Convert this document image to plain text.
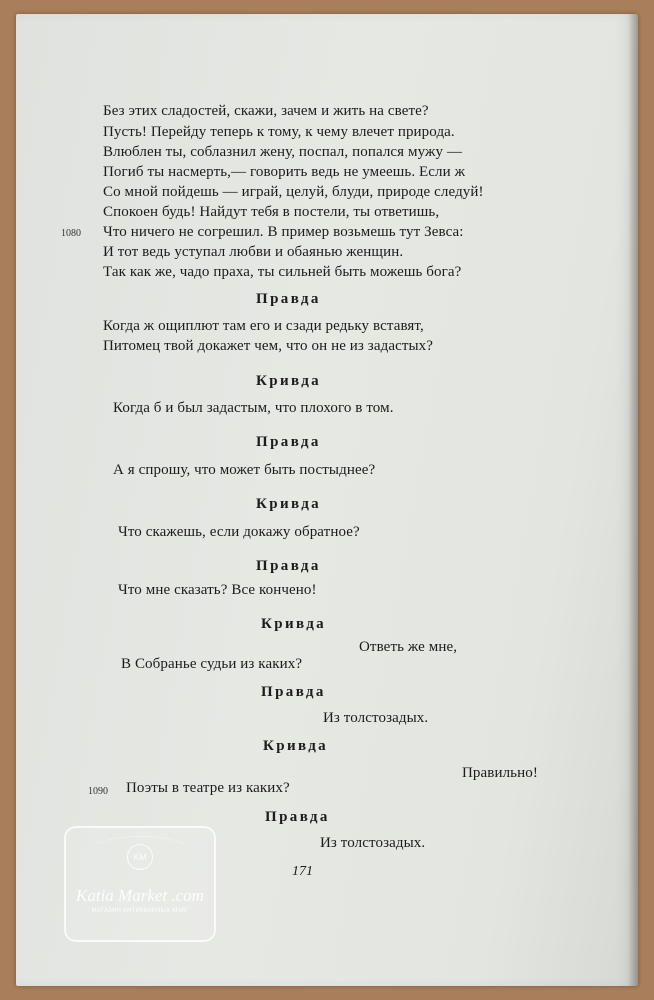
Без этих сладостей, скажи, зачем и жить на свете?
Пусть! Перейду теперь к тому, к чему влечет природа.
Влюблен ты, соблазнил жену, поспал, попался мужу —
Погиб ты насмерть,— говорить ведь не умеешь. Если ж
Со мной пойдешь — играй, целуй, блуди, природе следуй!
Спокоен будь! Найдут тебя в постели, ты ответишь,
1080 Что ничего не согрешил. В пример возьмешь тут Зевса:
И тот ведь уступал любви и обаянью женщин.
Так как же, чадо праха, ты сильней быть можешь бога?
Правда
Когда ж ощиплют там его и сзади редьку вставят,
Питомец твой докажет чем, что он не из задастых?
Кривда
Когда б и был задастым, что плохого в том.
Правда
А я спрошу, что может быть постыднее?
Кривда
Что скажешь, если докажу обратное?
Правда
Что мне сказать? Все кончено!
Кривда
Ответь же мне,
В Собранье судьи из каких?
Правда
Из толстозадых.
Кривда
Правильно!
1090 Поэты в театре из каких?
Правда
Из толстозадых.
171
KM
Katia Market .com
МАГАЗИН АНТИКВАРНЫХ КНИГ
